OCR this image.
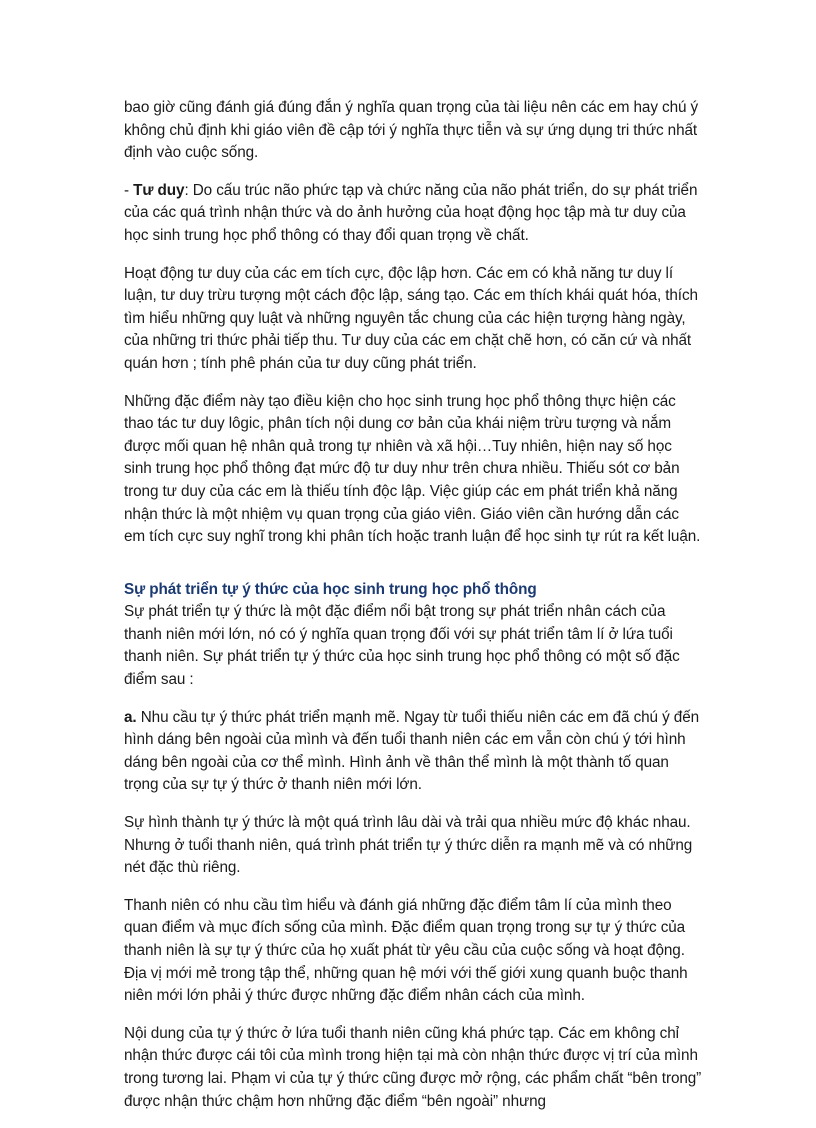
bao giờ cũng đánh giá đúng đắn ý nghĩa quan trọng của tài liệu nên các em hay chú ý không chủ định khi giáo viên đề cập tới ý nghĩa thực tiễn và sự ứng dụng tri thức nhất định vào cuộc sống.

- Tư duy: Do cấu trúc não phức tạp và chức năng của não phát triển, do sự phát triển của các quá trình nhận thức và do ảnh hưởng của hoạt động học tập mà tư duy của học sinh trung học phổ thông có thay đổi quan trọng về chất.

Hoạt động tư duy của các em tích cực, độc lập hơn. Các em có khả năng tư duy lí luận, tư duy trừu tượng một cách độc lập, sáng tạo. Các em thích khái quát hóa, thích tìm hiểu những quy luật và những nguyên tắc chung của các hiện tượng hàng ngày, của những tri thức phải tiếp thu. Tư duy của các em chặt chẽ hơn, có căn cứ và nhất quán hơn ; tính phê phán của tư duy cũng phát triển.

Những đặc điểm này tạo điều kiện cho học sinh trung học phổ thông thực hiện các thao tác tư duy lôgic, phân tích nội dung cơ bản của khái niệm trừu tượng và nắm được mối quan hệ nhân quả trong tự nhiên và xã hội…Tuy nhiên, hiện nay số học sinh trung học phổ thông đạt mức độ tư duy như trên chưa nhiều. Thiếu sót cơ bản trong tư duy của các em là thiếu tính độc lập. Việc giúp các em phát triển khả năng nhận thức là một nhiệm vụ quan trọng của giáo viên. Giáo viên cần hướng dẫn các em tích cực suy nghĩ trong khi phân tích hoặc tranh luận để học sinh tự rút ra kết luận.

Sự phát triển tự ý thức của học sinh trung học phổ thông

Sự phát triển tự ý thức là một đặc điểm nổi bật trong sự phát triển nhân cách của thanh niên mới lớn, nó có ý nghĩa quan trọng đối với sự phát triển tâm lí ở lứa tuổi thanh niên. Sự phát triển tự ý thức của học sinh trung học phổ thông có một số đặc điểm sau :

a. Nhu cầu tự ý thức phát triển mạnh mẽ. Ngay từ tuổi thiếu niên các em đã chú ý đến hình dáng bên ngoài của mình và đến tuổi thanh niên các em vẫn còn chú ý tới hình dáng bên ngoài của cơ thể mình. Hình ảnh về thân thể mình là một thành tố quan trọng của sự tự ý thức ở thanh niên mới lớn.

Sự hình thành tự ý thức là một quá trình lâu dài và trải qua nhiều mức độ khác nhau. Nhưng ở tuổi thanh niên, quá trình phát triển tự ý thức diễn ra mạnh mẽ và có những nét đặc thù riêng.

Thanh niên có nhu cầu tìm hiểu và đánh giá những đặc điểm tâm lí của mình theo quan điểm và mục đích sống của mình. Đặc điểm quan trọng trong sự tự ý thức của thanh niên là sự tự ý thức của họ xuất phát từ yêu cầu của cuộc sống và hoạt động. Địa vị mới mẻ trong tập thể, những quan hệ mới với thế giới xung quanh buộc thanh niên mới lớn phải ý thức được những đặc điểm nhân cách của mình.

Nội dung của tự ý thức ở lứa tuổi thanh niên cũng khá phức tạp. Các em không chỉ nhận thức được cái tôi của mình trong hiện tại mà còn nhận thức được vị trí của mình trong tương lai. Phạm vi của tự ý thức cũng được mở rộng, các phẩm chất “bên trong” được nhận thức chậm hơn những đặc điểm “bên ngoài” nhưng
